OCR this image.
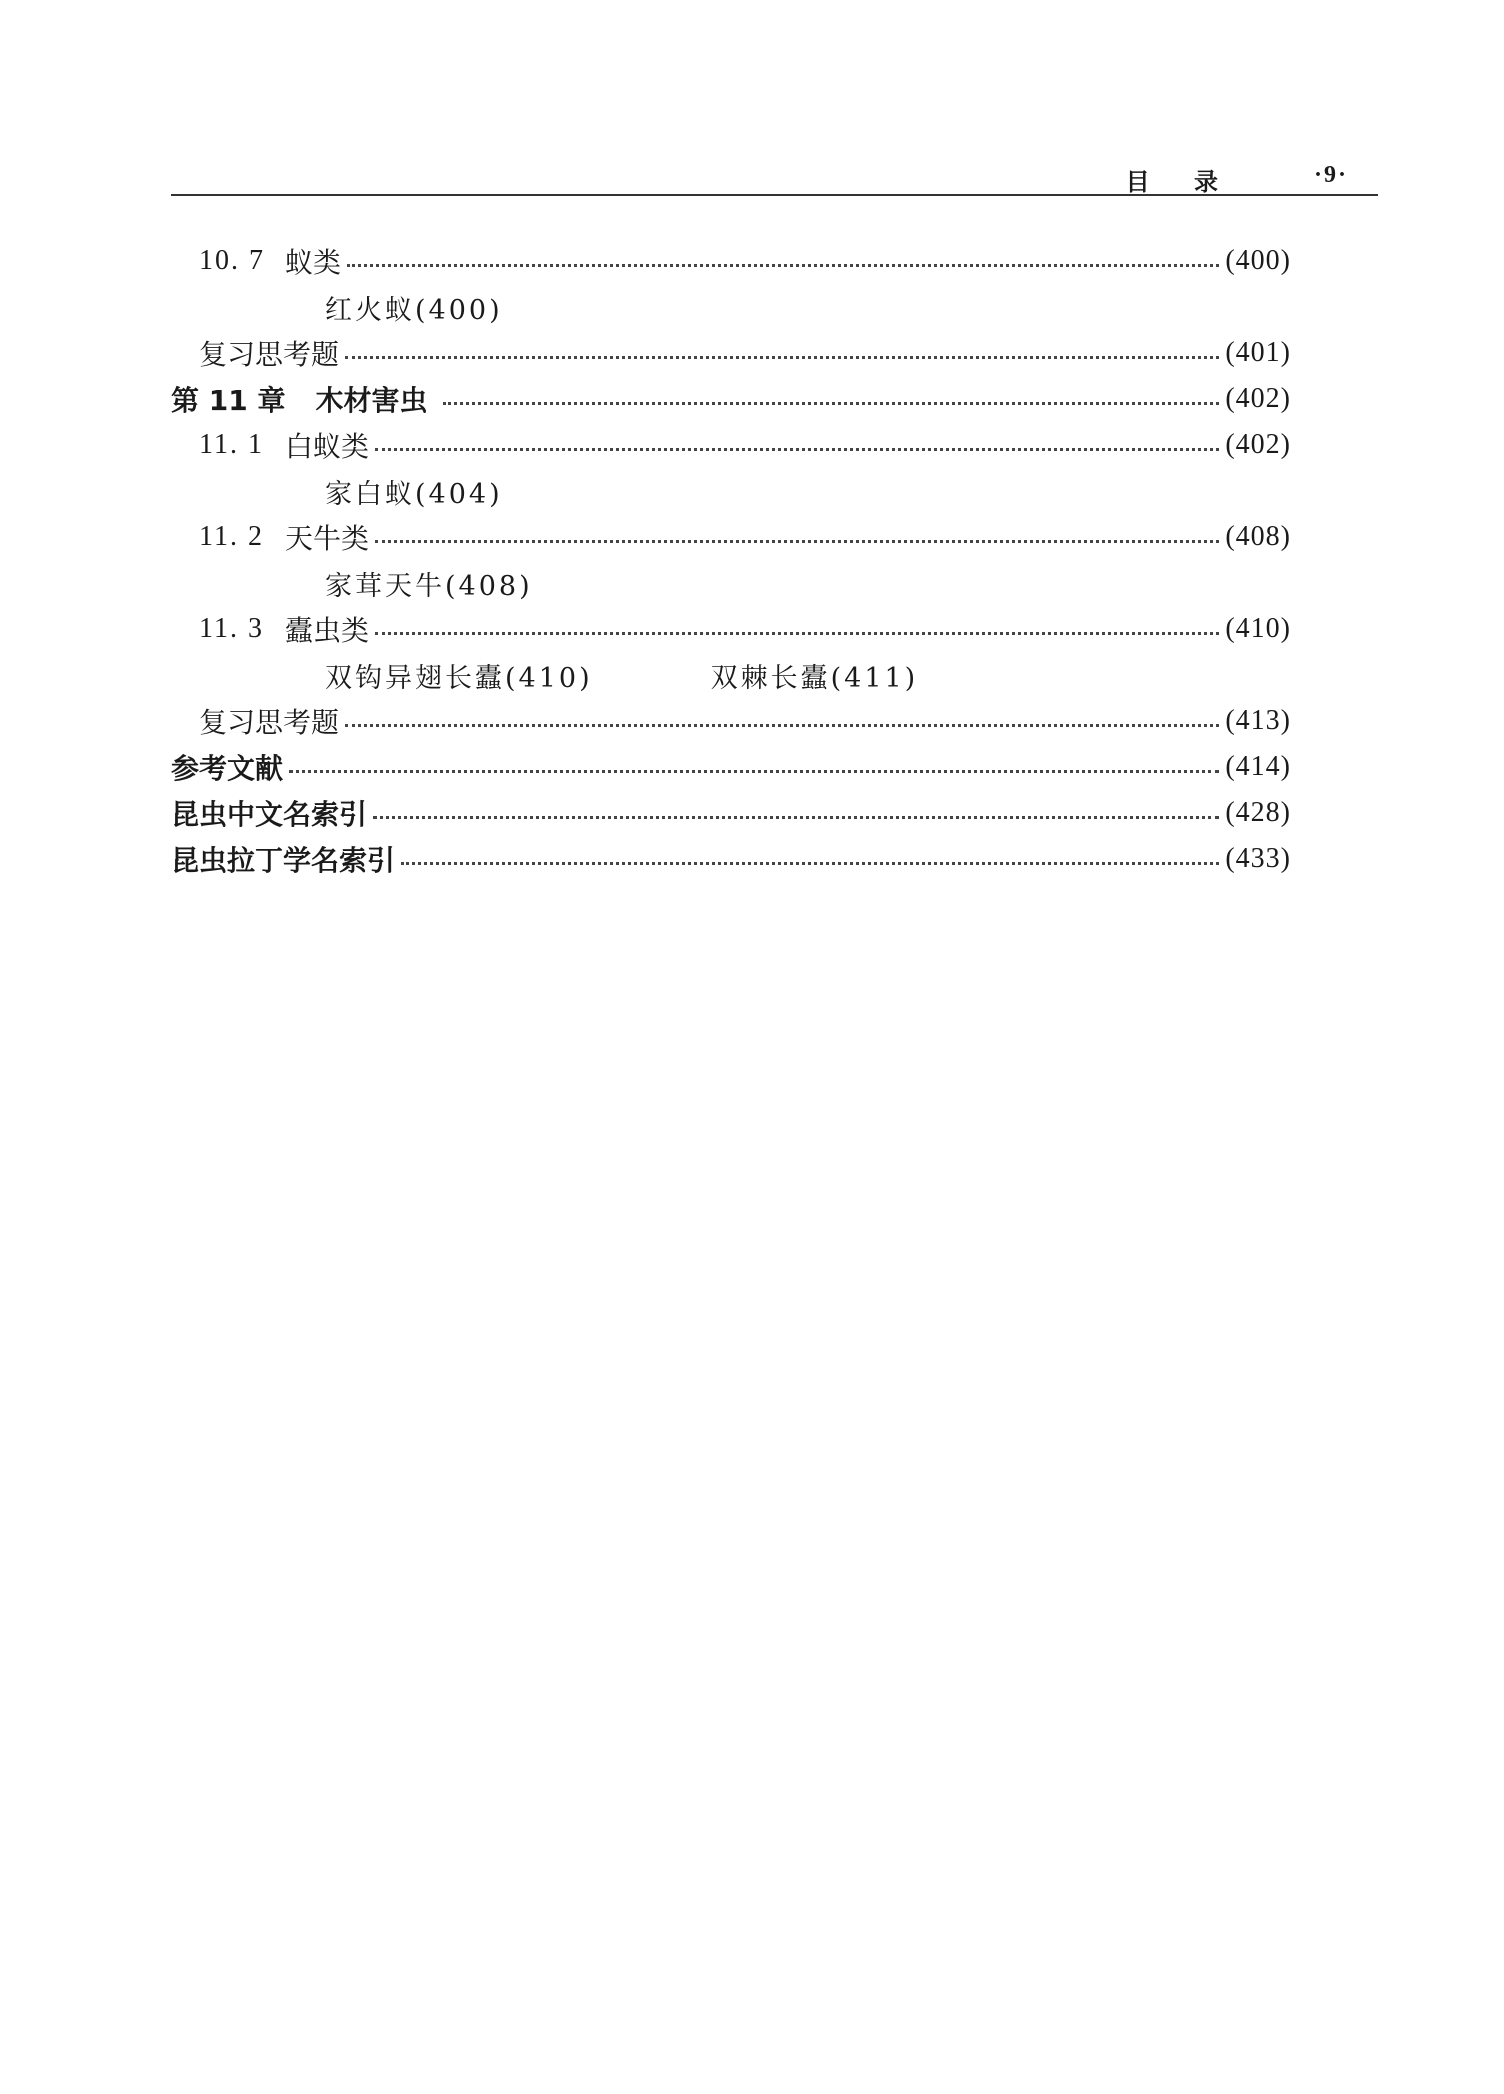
目 录	·9·
10. 7 蚁类	(400)
红火蚁(400)
复习思考题	(401)
第 11 章 木材害虫	(402)
11. 1 白蚁类	(402)
家白蚁(404)
11. 2 天牛类	(408)
家茸天牛(408)
11. 3 蠹虫类	(410)
双钩异翅长蠹(410)	双棘长蠹(411)
复习思考题	(413)
参考文献	(414)
昆虫中文名索引	(428)
昆虫拉丁学名索引	(433)
